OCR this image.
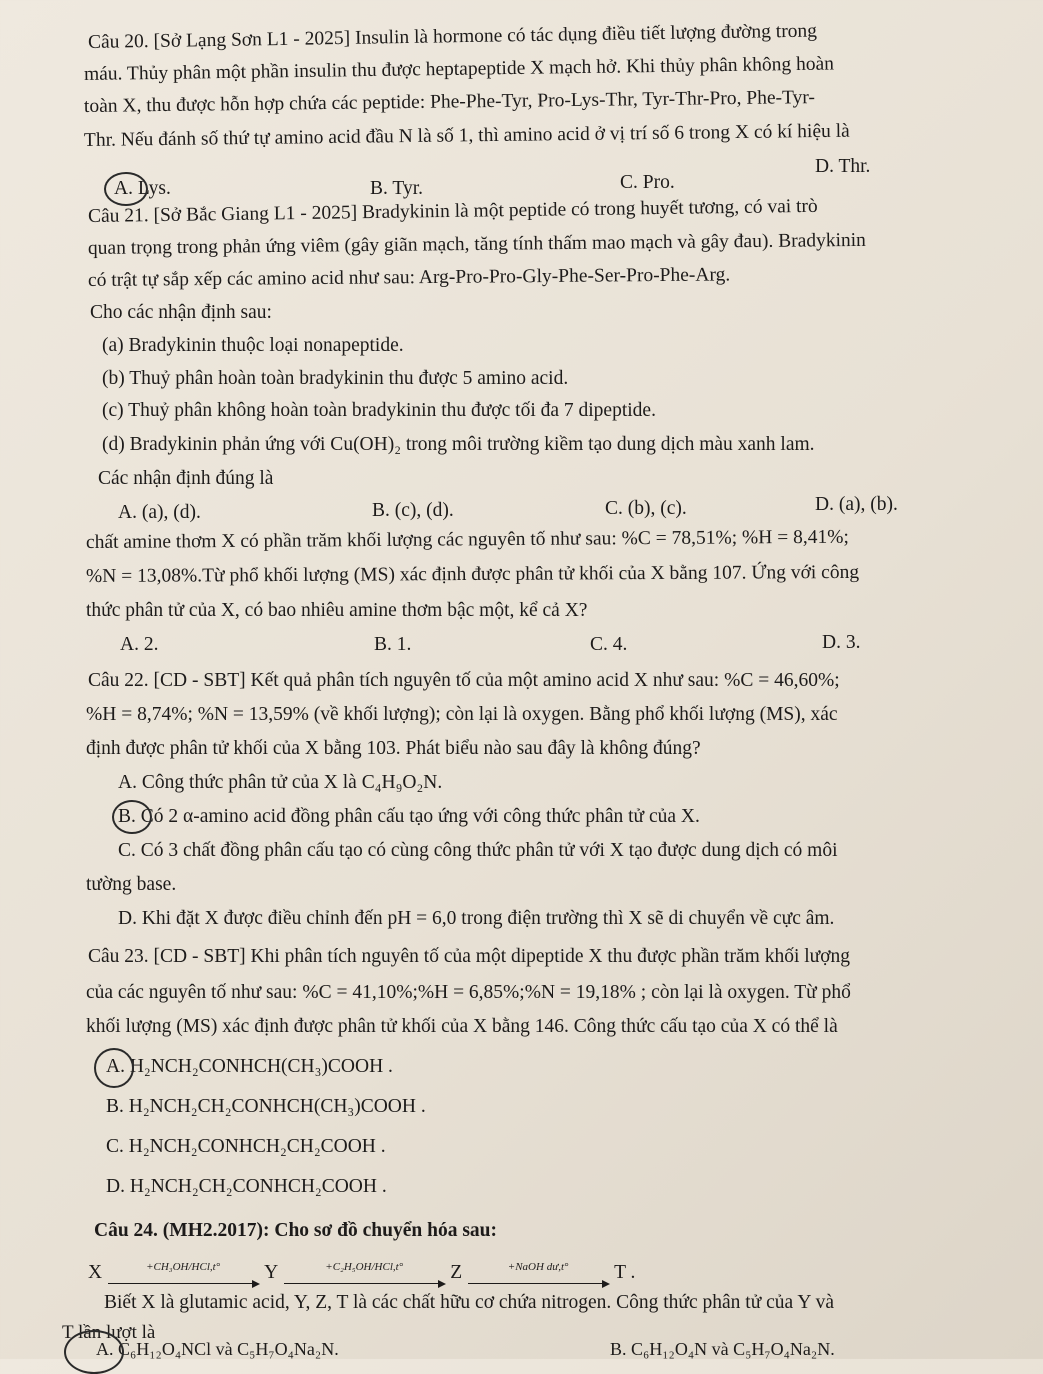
Câu 20. [Sở Lạng Sơn L1 - 2025] Insulin là hormone có tác dụng điều tiết lượng đường trong
máu. Thủy phân một phần insulin thu được heptapeptide X mạch hở. Khi thủy phân không hoàn
toàn X, thu được hỗn hợp chứa các peptide: Phe-Phe-Tyr, Pro-Lys-Thr, Tyr-Thr-Pro, Phe-Tyr-
Thr. Nếu đánh số thứ tự amino acid đầu N là số 1, thì amino acid ở vị trí số 6 trong X có kí hiệu là
A. Lys.	B. Tyr.	C. Pro.
D. Thr.
Câu 21. [Sở Bắc Giang L1 - 2025] Bradykinin là một peptide có trong huyết tương, có vai trò
quan trọng trong phản ứng viêm (gây giãn mạch, tăng tính thấm mao mạch và gây đau). Bradykinin
có trật tự sắp xếp các amino acid như sau: Arg-Pro-Pro-Gly-Phe-Ser-Pro-Phe-Arg.
Cho các nhận định sau:
(a) Bradykinin thuộc loại nonapeptide.
(b) Thuỷ phân hoàn toàn bradykinin thu được 5 amino acid.
(c) Thuỷ phân không hoàn toàn bradykinin thu được tối đa 7 dipeptide.
(d) Bradykinin phản ứng với Cu(OH)₂ trong môi trường kiềm tạo dung dịch màu xanh lam.
Các nhận định đúng là
A. (a), (d).	B. (c), (d).	C. (b), (c).	D. (a), (b).
chất amine thơm X có phần trăm khối lượng các nguyên tố như sau: %C = 78,51%; %H = 8,41%;
%N = 13,08%.Từ phổ khối lượng (MS) xác định được phân tử khối của X bằng 107. Ứng với công
thức phân tử của X, có bao nhiêu amine thơm bậc một, kể cả X?
A. 2.	B. 1.	C. 4.	D. 3.
Câu 22. [CD - SBT] Kết quả phân tích nguyên tố của một amino acid X như sau: %C = 46,60%;
%H = 8,74%; %N = 13,59% (về khối lượng); còn lại là oxygen. Bằng phổ khối lượng (MS), xác
định được phân tử khối của X bằng 103. Phát biểu nào sau đây là không đúng?
A. Công thức phân tử của X là C₄H₉O₂N.
B. Có 2 α-amino acid đồng phân cấu tạo ứng với công thức phân tử của X.
C. Có 3 chất đồng phân cấu tạo có cùng công thức phân tử với X tạo được dung dịch có môi
tường base.
D. Khi đặt X được điều chỉnh đến pH = 6,0 trong điện trường thì X sẽ di chuyển về cực âm.
Câu 23. [CD - SBT] Khi phân tích nguyên tố của một dipeptide X thu được phần trăm khối lượng
của các nguyên tố như sau: %C = 41,10%;%H = 6,85%;%N = 19,18% ; còn lại là oxygen. Từ phổ
khối lượng (MS) xác định được phân tử khối của X bằng 146. Công thức cấu tạo của X có thể là
A. H₂NCH₂CONHCH(CH₃)COOH .
B. H₂NCH₂CH₂CONHCH(CH₃)COOH .
C. H₂NCH₂CONHCH₂CH₂COOH .
D. H₂NCH₂CH₂CONHCH₂COOH .
Câu 24. (MH2.2017): Cho sơ đồ chuyển hóa sau:
X	+CH₃OH/HCl,t°	Y	+C₂H₅OH/HCl,t°	Z	+NaOH dư,t°	T .
Biết X là glutamic acid, Y, Z, T là các chất hữu cơ chứa nitrogen. Công thức phân tử của Y và
T lần lượt là
A. C₆H₁₂O₄NCl và C₅H₇O₄Na₂N.	B. C₆H₁₂O₄N và C₅H₇O₄Na₂N.
